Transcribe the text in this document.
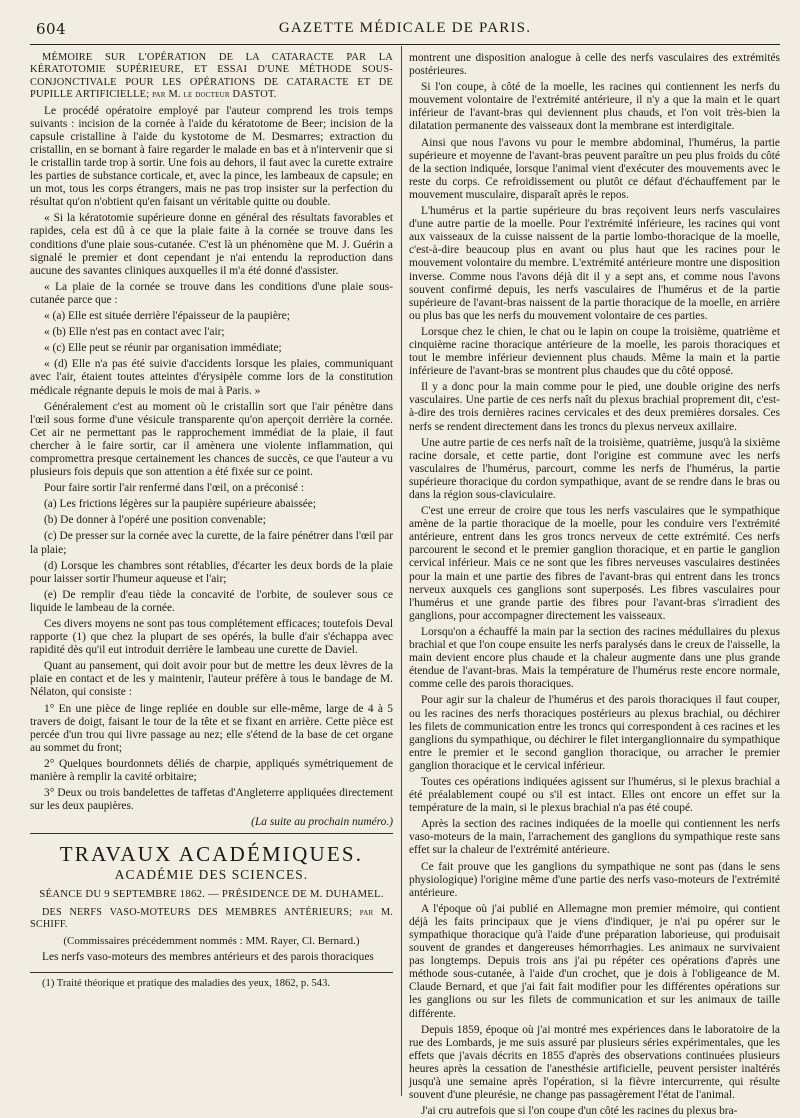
604	GAZETTE MÉDICALE DE PARIS.

MÉMOIRE SUR L'OPÉRATION DE LA CATARACTE PAR LA KÉRATOTOMIE SUPÉRIEURE, ET ESSAI D'UNE MÉTHODE SOUS-CONJONCTIVALE POUR LES OPÉRATIONS DE CATARACTE ET DE PUPILLE ARTIFICIELLE; par M. le docteur DASTOT.

Le procédé opératoire employé par l'auteur comprend les trois temps suivants : incision de la cornée à l'aide du kératotome de Beer; incision de la capsule cristalline à l'aide du kystotome de M. Desmarres; extraction du cristallin, en se bornant à faire regarder le malade en bas et à n'intervenir que si le cristallin tarde trop à sortir. Une fois au dehors, il faut avec la curette extraire les parties de substance corticale, et, avec la pince, les lambeaux de capsule; en un mot, tous les corps étrangers, mais ne pas trop insister sur la perfection du résultat qu'on n'obtient qu'en faisant un véritable quitte ou double.

« Si la kératotomie supérieure donne en général des résultats favorables et rapides, cela est dû à ce que la plaie faite à la cornée se trouve dans les conditions d'une plaie sous-cutanée. C'est là un phénomène que M. J. Guérin a signalé le premier et dont cependant je n'ai entendu la reproduction dans aucune des savantes cliniques auxquelles il m'a été donné d'assister.

« La plaie de la cornée se trouve dans les conditions d'une plaie sous-cutanée parce que :

« (a) Elle est située derrière l'épaisseur de la paupière;

« (b) Elle n'est pas en contact avec l'air;

« (c) Elle peut se réunir par organisation immédiate;

« (d) Elle n'a pas été suivie d'accidents lorsque les plaies, communiquant avec l'air, étaient toutes atteintes d'érysipèle comme lors de la constitution médicale régnante depuis le mois de mai à Paris. »

Généralement c'est au moment où le cristallin sort que l'air pénètre dans l'œil sous forme d'une vésicule transparente qu'on aperçoit derrière la cornée. Cet air ne permettant pas le rapprochement immédiat de la plaie, il faut chercher à le faire sortir, car il amènera une violente inflammation, qui compromettra presque certainement les chances de succès, ce que l'auteur a vu plusieurs fois depuis que son attention a été fixée sur ce point.

Pour faire sortir l'air renfermé dans l'œil, on a préconisé :

(a) Les frictions légères sur la paupière supérieure abaissée;

(b) De donner à l'opéré une position convenable;

(c) De presser sur la cornée avec la curette, de la faire pénétrer dans l'œil par la plaie;

(d) Lorsque les chambres sont rétablies, d'écarter les deux bords de la plaie pour laisser sortir l'humeur aqueuse et l'air;

(e) De remplir d'eau tiède la concavité de l'orbite, de soulever sous ce liquide le lambeau de la cornée.

Ces divers moyens ne sont pas tous complétement efficaces; toutefois Deval rapporte (1) que chez la plupart de ses opérés, la bulle d'air s'échappa avec rapidité dès qu'il eut introduit derrière le lambeau une curette de Daviel.

Quant au pansement, qui doit avoir pour but de mettre les deux lèvres de la plaie en contact et de les y maintenir, l'auteur préfère à tous le bandage de M. Nélaton, qui consiste :

1° En une pièce de linge repliée en double sur elle-même, large de 4 à 5 travers de doigt, faisant le tour de la tête et se fixant en arrière. Cette pièce est percée d'un trou qui livre passage au nez; elle s'étend de la base de cet organe au sommet du front;

2° Quelques bourdonnets déliés de charpie, appliqués symétriquement de manière à remplir la cavité orbitaire;

3° Deux ou trois bandelettes de taffetas d'Angleterre appliquées directement sur les deux paupières.

(La suite au prochain numéro.)

TRAVAUX ACADÉMIQUES.
ACADÉMIE DES SCIENCES.
SÉANCE DU 9 SEPTEMBRE 1862. — PRÉSIDENCE DE M. DUHAMEL.

DES NERFS VASO-MOTEURS DES MEMBRES ANTÉRIEURS; par M. SCHIFF.

(Commissaires précédemment nommés : MM. Rayer, Cl. Bernard.)

Les nerfs vaso-moteurs des membres antérieurs et des parois thoraciques

(1) Traité théorique et pratique des maladies des yeux, 1862, p. 543.

montrent une disposition analogue à celle des nerfs vasculaires des extrémités postérieures.

Si l'on coupe, à côté de la moelle, les racines qui contiennent les nerfs du mouvement volontaire de l'extrémité antérieure, il n'y a que la main et le quart inférieur de l'avant-bras qui deviennent plus chauds, et l'on voit très-bien la dilatation permanente des vaisseaux dont la membrane est interdigitale.

Ainsi que nous l'avons vu pour le membre abdominal, l'humérus, la partie supérieure et moyenne de l'avant-bras peuvent paraître un peu plus froids du côté de la section indiquée, lorsque l'animal vient d'exécuter des mouvements avec le reste du corps. Ce refroidissement ou plutôt ce défaut d'échauffement par le mouvement musculaire, disparaît après le repos.

L'humérus et la partie supérieure du bras reçoivent leurs nerfs vasculaires d'une autre partie de la moelle. Pour l'extrémité inférieure, les racines qui vont aux vaisseaux de la cuisse naissent de la partie lombo-thoracique de la moelle, c'est-à-dire beaucoup plus en avant ou plus haut que les racines pour le mouvement volontaire du membre. L'extrémité antérieure montre une disposition inverse. Comme nous l'avons déjà dit il y a sept ans, et comme nous l'avons souvent confirmé depuis, les nerfs vasculaires de l'humérus et de la partie supérieure de l'avant-bras naissent de la partie thoracique de la moelle, en arrière ou plus bas que les nerfs du mouvement volontaire de ces parties.

Lorsque chez le chien, le chat ou le lapin on coupe la troisième, quatrième et cinquième racine thoracique antérieure de la moelle, les parois thoraciques et tout le membre inférieur deviennent plus chauds. Même la main et la partie inférieure de l'avant-bras se montrent plus chaudes que du côté opposé.

Il y a donc pour la main comme pour le pied, une double origine des nerfs vasculaires. Une partie de ces nerfs naît du plexus brachial proprement dit, c'est-à-dire des trois dernières racines cervicales et des deux premières dorsales. Ces nerfs se rendent directement dans les troncs du plexus nerveux axillaire.

Une autre partie de ces nerfs naît de la troisième, quatrième, jusqu'à la sixième racine dorsale, et cette partie, dont l'origine est commune avec les nerfs vasculaires de l'humérus, parcourt, comme les nerfs de l'humérus, la partie supérieure thoracique du cordon sympathique, avant de se rendre dans le bras ou dans la région sous-claviculaire.

C'est une erreur de croire que tous les nerfs vasculaires que le sympathique amène de la partie thoracique de la moelle, pour les conduire vers l'extrémité antérieure, entrent dans les gros troncs nerveux de cette extrémité. Ces nerfs parcourent le second et le premier ganglion thoracique, et en partie le ganglion cervical inférieur. Mais ce ne sont que les fibres nerveuses vasculaires destinées pour la main et une partie des fibres de l'avant-bras qui entrent dans les troncs nerveux auxquels ces ganglions sont superposés. Les fibres vasculaires pour l'humérus et une grande partie des fibres pour l'avant-bras s'irradient des ganglions, pour accompagner directement les vaisseaux.

Lorsqu'on a échauffé la main par la section des racines médullaires du plexus brachial et que l'on coupe ensuite les nerfs paralysés dans le creux de l'aisselle, la main devient encore plus chaude et la chaleur augmente dans une plus grande étendue de l'avant-bras. Mais la température de l'humérus reste encore normale, comme celle des parois thoraciques.

Pour agir sur la chaleur de l'humérus et des parois thoraciques il faut couper, ou les racines des nerfs thoraciques postérieurs au plexus brachial, ou déchirer les filets de communication entre les troncs qui correspondent à ces racines et les ganglions du sympathique, ou déchirer le filet interganglionnaire du sympathique entre le premier et le second ganglion thoracique, ou arracher le premier ganglion thoracique et le cervical inférieur.

Toutes ces opérations indiquées agissent sur l'humérus, si le plexus brachial a été préalablement coupé ou s'il est intact. Elles ont encore un effet sur la température de la main, si le plexus brachial n'a pas été coupé.

Après la section des racines indiquées de la moelle qui contiennent les nerfs vaso-moteurs de la main, l'arrachement des ganglions du sympathique reste sans effet sur la chaleur de l'extrémité antérieure.

Ce fait prouve que les ganglions du sympathique ne sont pas (dans le sens physiologique) l'origine même d'une partie des nerfs vaso-moteurs de l'extrémité antérieure.

A l'époque où j'ai publié en Allemagne mon premier mémoire, qui contient déjà les faits principaux que je viens d'indiquer, je n'ai pu opérer sur le sympathique thoracique qu'à l'aide d'une préparation laborieuse, qui produisait souvent de grandes et dangereuses hémorrhagies. Les animaux ne survivaient pas longtemps. Depuis trois ans j'ai pu répéter ces opérations d'après une méthode sous-cutanée, à l'aide d'un crochet, que je dois à l'obligeance de M. Claude Bernard, et que j'ai fait fait modifier pour les différentes opérations sur les ganglions ou sur les filets de communication et sur les animaux de taille différente.

Depuis 1859, époque où j'ai montré mes expériences dans le laboratoire de la rue des Lombards, je me suis assuré par plusieurs séries expérimentales, que les effets que j'avais décrits en 1855 d'après des observations continuées plusieurs heures après la cessation de l'anesthésie artificielle, peuvent persister inaltérés jusqu'à une semaine après l'opération, si la fièvre intercurrente, qui résulte souvent d'une pleurésie, ne change pas passagèrement l'état de l'animal.

J'ai cru autrefois que si l'on coupe d'un côté les racines du plexus bra-
